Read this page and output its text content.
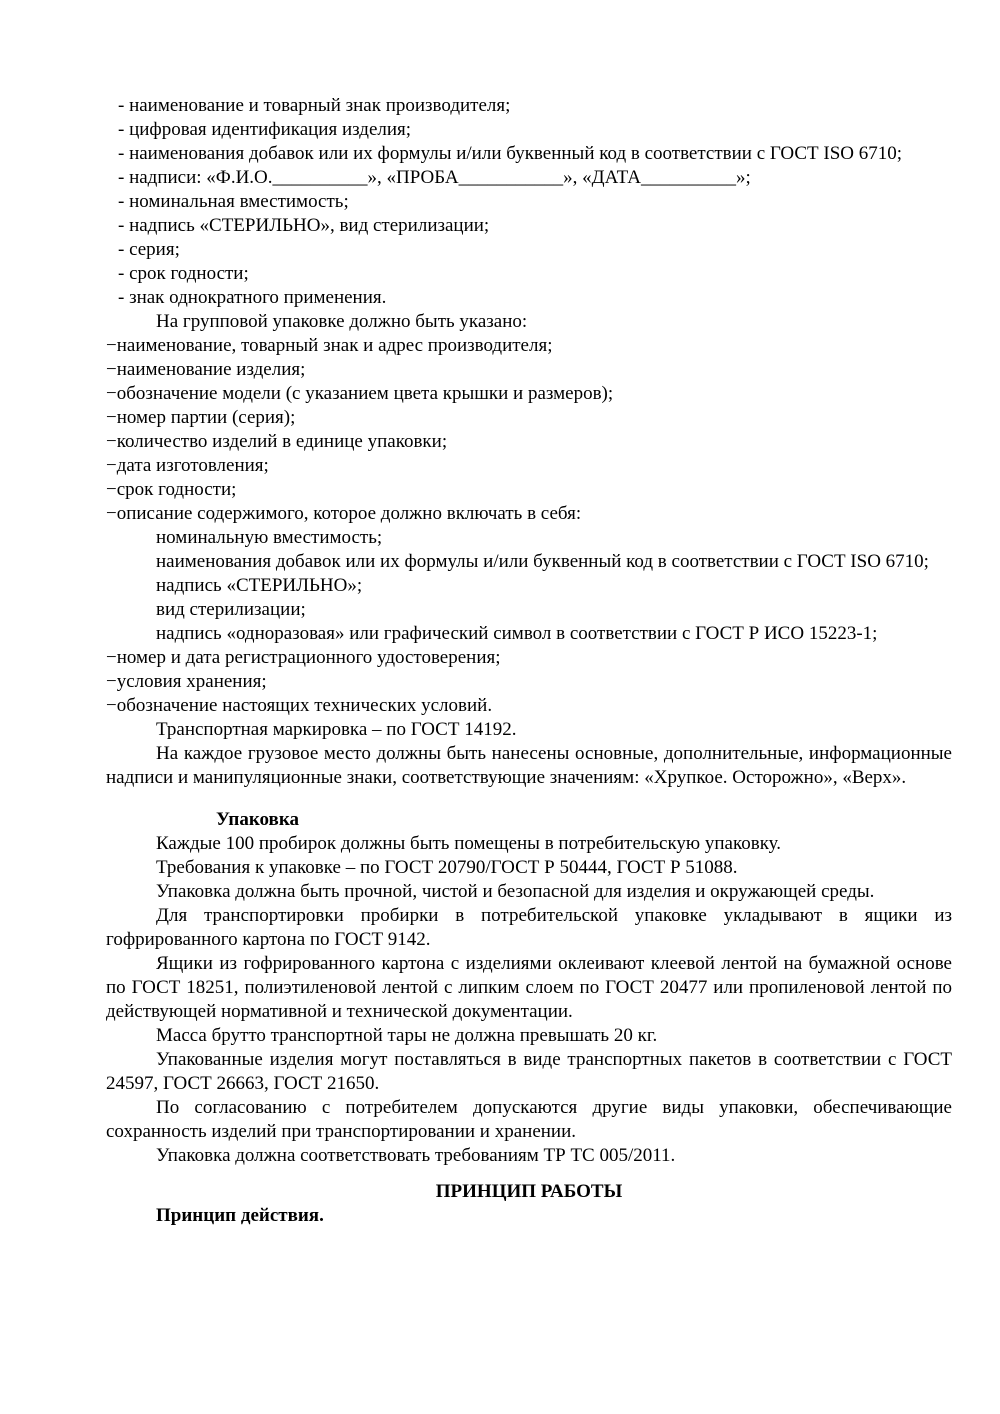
- наименование и товарный знак производителя;

- цифровая идентификация изделия;

- наименования добавок или их формулы и/или буквенный код в соответствии с ГОСТ ISO 6710;

- надписи: «Ф.И.О.__________», «ПРОБА___________», «ДАТА__________»;

- номинальная вместимость;

- надпись «СТЕРИЛЬНО», вид стерилизации;

- серия;

- срок годности;

- знак однократного применения.

На групповой упаковке должно быть указано:

−наименование, товарный знак и адрес производителя;

−наименование изделия;

−обозначение модели (с указанием цвета крышки и размеров);

−номер партии (серия);

−количество изделий в единице упаковки;

−дата изготовления;

−срок годности;

−описание содержимого, которое должно включать в себя:

номинальную вместимость;

наименования добавок или их формулы и/или буквенный код в соответствии с ГОСТ ISO 6710;

надпись «СТЕРИЛЬНО»;

вид стерилизации;

надпись «одноразовая» или графический символ в соответствии с ГОСТ Р ИСО 15223-1;

−номер и дата регистрационного удостоверения;

−условия хранения;

−обозначение настоящих технических условий.

Транспортная маркировка – по ГОСТ 14192.

На каждое грузовое место должны быть нанесены основные, дополнительные, информационные надписи и манипуляционные знаки, соответствующие значениям: «Хрупкое. Осторожно», «Верх».

Упаковка

Каждые 100 пробирок должны быть помещены в потребительскую упаковку.

Требования к упаковке – по ГОСТ 20790/ГОСТ Р 50444, ГОСТ Р 51088.

Упаковка должна быть прочной, чистой и безопасной для изделия и окружающей среды.

Для транспортировки пробирки в потребительской упаковке укладывают в ящики из гофрированного картона по ГОСТ 9142.

Ящики из гофрированного картона с изделиями оклеивают клеевой лентой на бумажной основе по ГОСТ 18251, полиэтиленовой лентой с липким слоем по ГОСТ 20477 или пропиленовой лентой по действующей нормативной и технической документации.

Масса брутто транспортной тары не должна превышать 20 кг.

Упакованные изделия могут поставляться в виде транспортных пакетов в соответствии с ГОСТ 24597, ГОСТ 26663, ГОСТ 21650.

По согласованию с потребителем допускаются другие виды упаковки, обеспечивающие сохранность изделий при транспортировании и хранении.

Упаковка должна соответствовать требованиям ТР ТС 005/2011.

ПРИНЦИП РАБОТЫ

Принцип действия.
